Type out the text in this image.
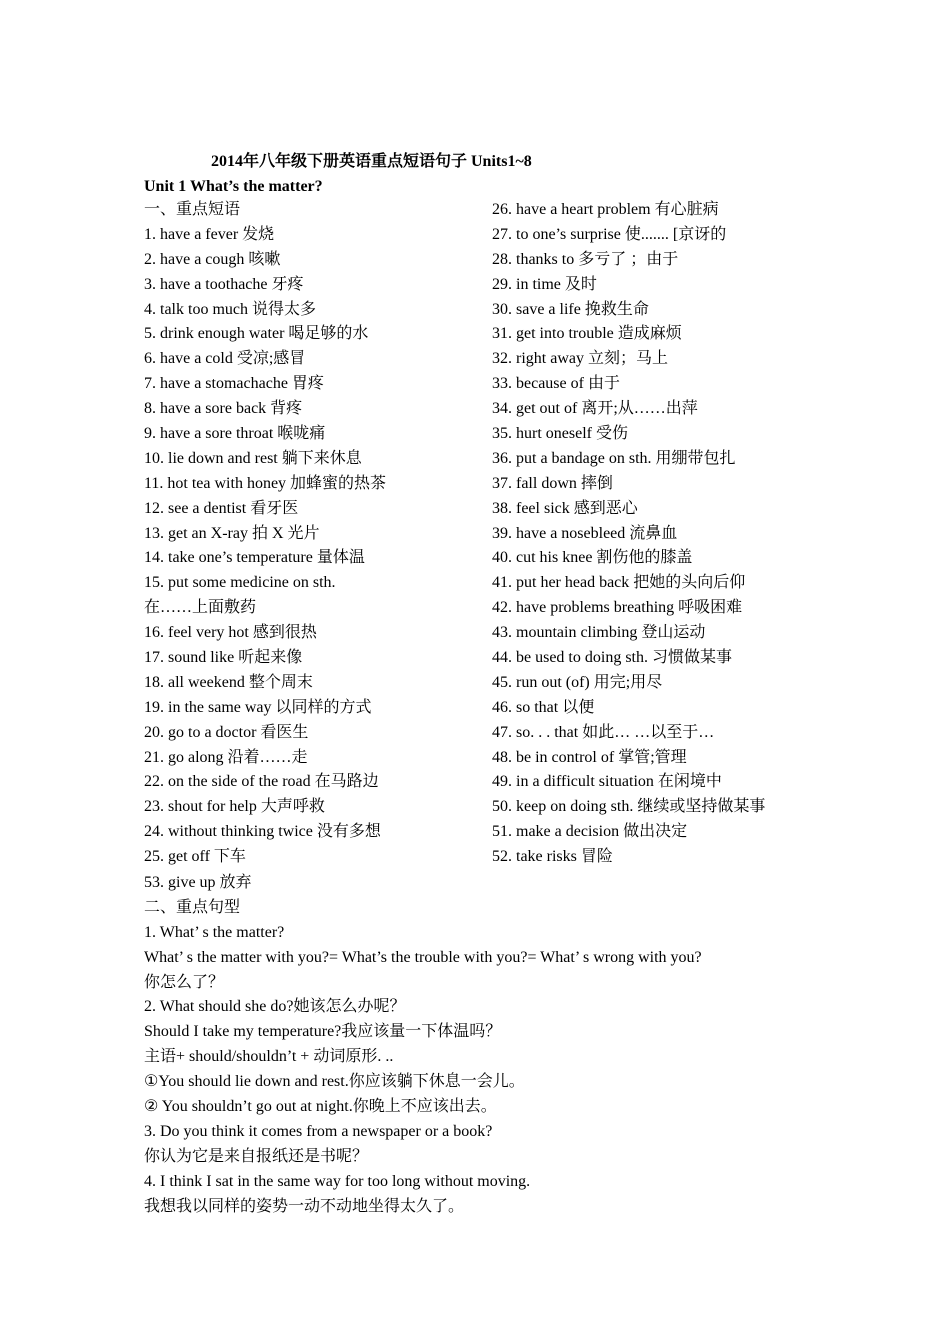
2014年八年级下册英语重点短语句子 Units1~8
Unit 1 What’s the matter?
一、重点短语
1. have a fever 发烧
2. have a cough 咳嗽
3. have a toothache 牙疼
4. talk too much 说得太多
5. drink enough water 喝足够的水
6. have a cold 受凉;感冒
7. have a stomachache 胃疼
8. have a sore back 背疼
9. have a sore throat 喉咙痛
10. lie down and rest 躺下来休息
11. hot tea with honey 加蜂蜜的热茶
12. see a dentist 看牙医
13. get an X-ray 拍 X 光片
14. take one’s temperature 量体温
15. put some medicine on sth.
在……上面敷药
16. feel very hot 感到很热
17. sound like 听起来像
18. all weekend 整个周末
19. in the same way 以同样的方式
20. go to a doctor 看医生
21. go along 沿着……走
22. on the side of the road 在马路边
23. shout for help 大声呼救
24. without thinking twice 没有多想
25. get off 下车
26. have a heart problem 有心脏病
27. to one’s surprise 使....... [京讶的
28. thanks to 多亏了 ；由于
29. in time 及时
30. save a life 挽救生命
31. get into trouble 造成麻烦
32. right away 立刻；马上
33. because of 由于
34. get out of 离开;从……出萍
35. hurt oneself 受伤
36. put a bandage on sth. 用绷带包扎
37. fall down 摔倒
38. feel sick 感到恶心
39. have a nosebleed 流鼻血
40. cut his knee 割伤他的膝盖
41. put her head back 把她的头向后仰
42. have problems breathing 呼吸困难
43. mountain climbing 登山运动
44. be used to doing sth. 习惯做某事
45. run out (of) 用完;用尽
46. so that 以便
47. so. . . that 如此… …以至于…
48. be in control of 掌管;管理
49. in a difficult situation 在闲境中
50. keep on doing sth. 继续或坚持做某事
51. make a decision 做出决定
52. take risks 冒险
53. give up 放弃
二、重点句型
1. What’ s the matter?
What’ s the matter with you?= What’s the trouble with you?= What’ s wrong with you?
你怎么了？
2. What should she do?她该怎么办呢？
Should I take my temperature?我应该量一下体温吗？
主语+ should/shouldn’t + 动词原形. ..
①You should lie down and rest.你应该躺下休息一会儿。
② You shouldn’t go out at night.你晚上不应该出去。
3. Do you think it comes from a newspaper or a book?
你认为它是来自报纸还是书呢？
4. I think I sat in the same way for too long without moving.
我想我以同样的姿势一动不动地坐得太久了。
